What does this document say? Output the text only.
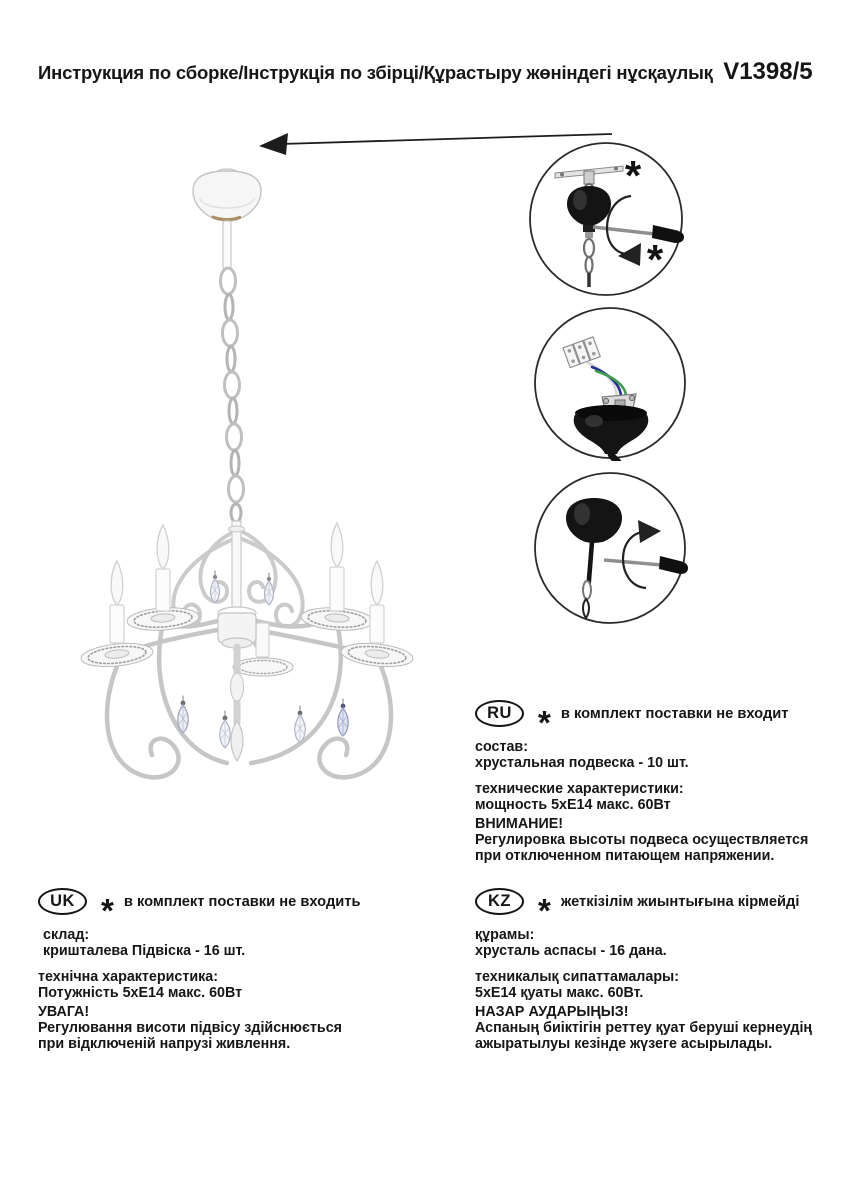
Инструкция по сборке/Інструкція по збірці/Құрастыру жөніндегі нұсқаулық V1398/5
*
*
RU * в комплект поставки не входит
состав:
хрустальная подвеска - 10 шт.
технические характеристики:
мощность 5хЕ14 макс. 60Вт
ВНИМАНИЕ!
Регулировка высоты подвеса осуществляется
при отключенном питающем напряжении.
UK * в комплект поставки не входить
склад:
кришталева Підвіска - 16 шт.
технічна характеристика:
Потужність 5хЕ14 макс. 60Вт
УВАГА!
Регулювання висоти підвісу здійснюється
при відключеній напрузі живлення.
KZ * жеткізілім жиынтығына кірмейді
құрамы:
хрусталь аспасы - 16 дана.
техникалық сипаттамалары:
5хЕ14 қуаты макс. 60Вт.
НАЗАР АУДАРЫҢЫЗ!
Аспаның биіктігін реттеу қуат беруші кернеудің
ажыратылуы кезінде жүзеге асырылады.
